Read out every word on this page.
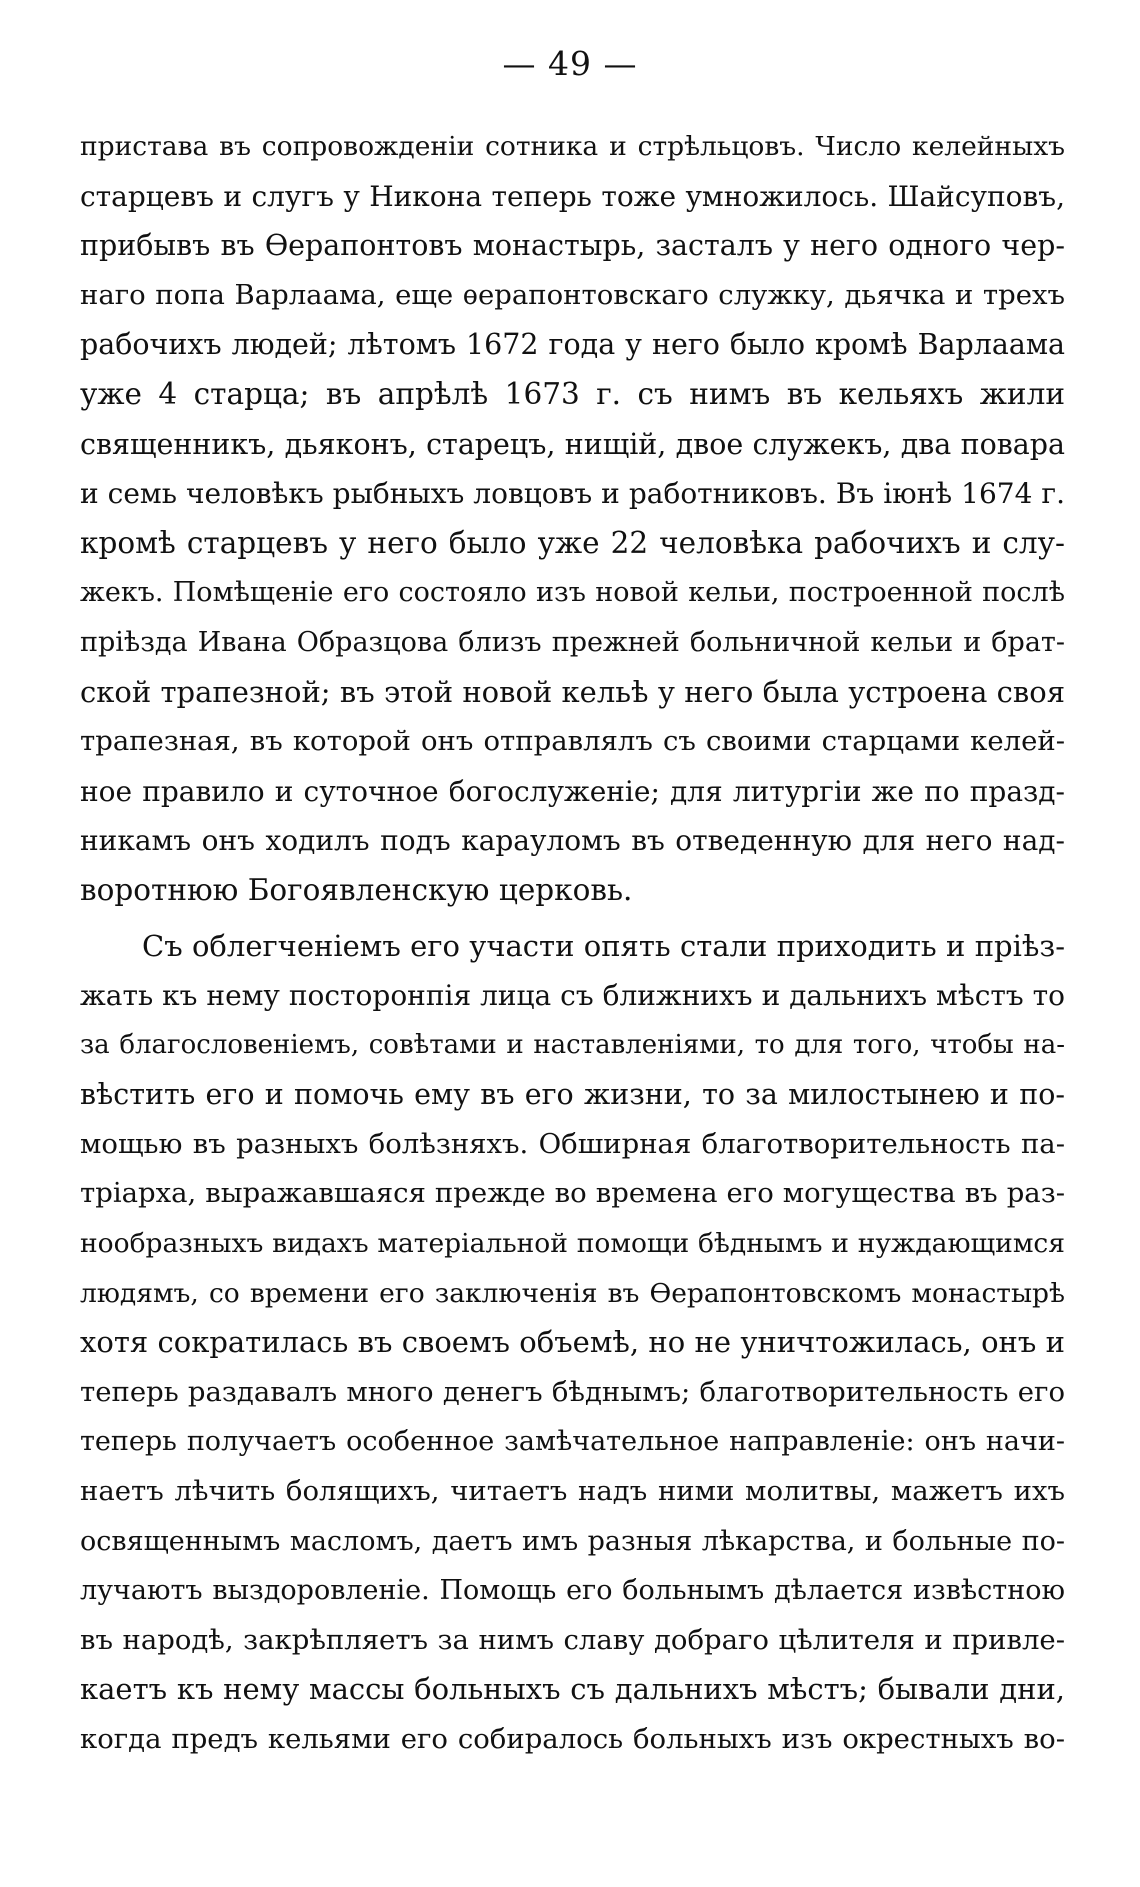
— 49 —
пристава въ сопровожденіи сотника и стрѣльцовъ. Число келейныхъ
старцевъ и слугъ у Никона теперь тоже умножилось. Шайсуповъ,
прибывъ въ Ѳерапонтовъ монастырь, засталъ у него одного чер-
наго попа Варлаама, еще ѳерапонтовскаго служку, дьячка и трехъ
рабочихъ людей; лѣтомъ 1672 года у него было кромѣ Варлаама
уже 4 старца; въ апрѣлѣ 1673 г. съ нимъ въ кельяхъ жили
священникъ, дьяконъ, старецъ, нищій, двое служекъ, два повара
и семь человѣкъ рыбныхъ ловцовъ и работниковъ. Въ іюнѣ 1674 г.
кромѣ старцевъ у него было уже 22 человѣка рабочихъ и слу-
жекъ. Помѣщеніе его состояло изъ новой кельи, построенной послѣ
пріѣзда Ивана Образцова близъ прежней больничной кельи и брат-
ской трапезной; въ этой новой кельѣ у него была устроена своя
трапезная, въ которой онъ отправлялъ съ своими старцами келей-
ное правило и суточное богослуженіе; для литургіи же по празд-
никамъ онъ ходилъ подъ карауломъ въ отведенную для него над-
воротнюю Богоявленскую церковь.
Съ облегченіемъ его участи опять стали приходить и пріѣз-
жать къ нему посторонпія лица съ ближнихъ и дальнихъ мѣстъ то
за благословеніемъ, совѣтами и наставленіями, то для того, чтобы на-
вѣстить его и помочь ему въ его жизни, то за милостынею и по-
мощью въ разныхъ болѣзняхъ. Обширная благотворительность па-
тріарха, выражавшаяся прежде во времена его могущества въ раз-
нообразныхъ видахъ матеріальной помощи бѣднымъ и нуждающимся
людямъ, со времени его заключенія въ Ѳерапонтовскомъ монастырѣ
хотя сократилась въ своемъ объемѣ, но не уничтожилась, онъ и
теперь раздавалъ много денегъ бѣднымъ; благотворительность его
теперь получаетъ особенное замѣчательное направленіе: онъ начи-
наетъ лѣчить болящихъ, читаетъ надъ ними молитвы, мажетъ ихъ
освященнымъ масломъ, даетъ имъ разныя лѣкарства, и больные по-
лучаютъ выздоровленіе. Помощь его больнымъ дѣлается извѣстною
въ народѣ, закрѣпляетъ за нимъ славу добраго цѣлителя и привле-
каетъ къ нему массы больныхъ съ дальнихъ мѣстъ; бывали дни,
когда предъ кельями его собиралось больныхъ изъ окрестныхъ во-
